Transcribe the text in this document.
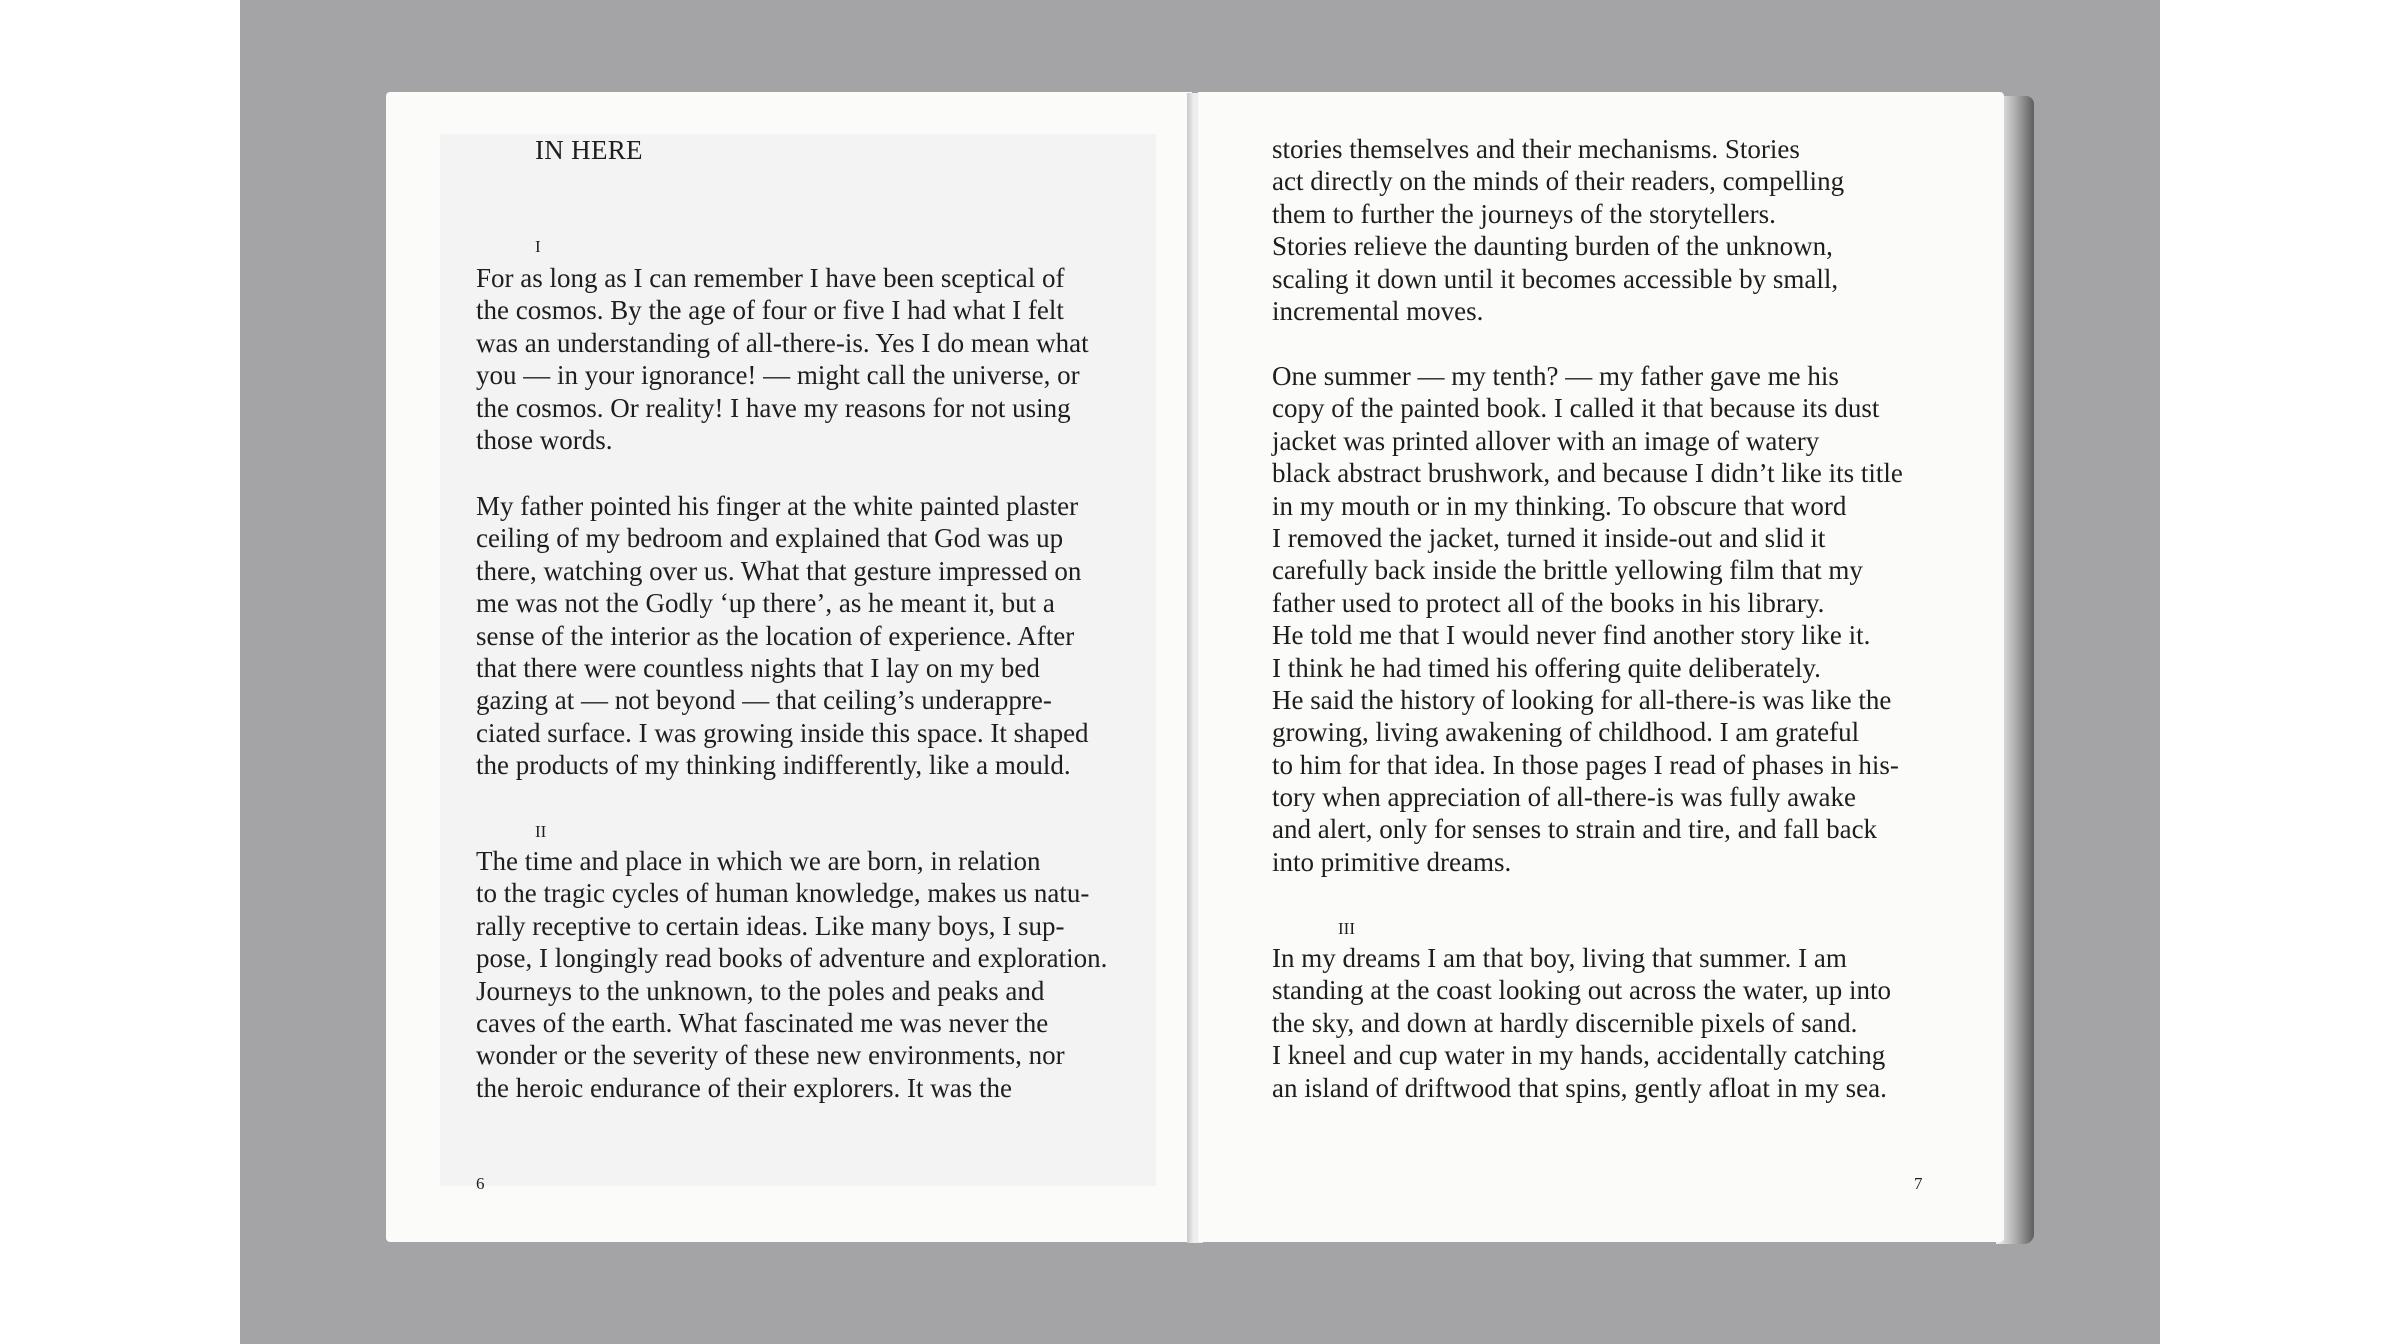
IN HERE
I
For as long as I can remember I have been sceptical of
the cosmos. By the age of four or five I had what I felt
was an understanding of all-there-is. Yes I do mean what
you — in your ignorance! — might call the universe, or
the cosmos. Or reality! I have my reasons for not using
those words.
My father pointed his finger at the white painted plaster
ceiling of my bedroom and explained that God was up
there, watching over us. What that gesture impressed on
me was not the Godly ‘up there’, as he meant it, but a
sense of the interior as the location of experience. After
that there were countless nights that I lay on my bed
gazing at — not beyond — that ceiling’s underappre-
ciated surface. I was growing inside this space. It shaped
the products of my thinking indifferently, like a mould.
II
The time and place in which we are born, in relation
to the tragic cycles of human knowledge, makes us natu-
rally receptive to certain ideas. Like many boys, I sup-
pose, I longingly read books of adventure and exploration.
Journeys to the unknown, to the poles and peaks and
caves of the earth. What fascinated me was never the
wonder or the severity of these new environments, nor
the heroic endurance of their explorers. It was the
6
stories themselves and their mechanisms. Stories
act directly on the minds of their readers, compelling
them to further the journeys of the storytellers.
Stories relieve the daunting burden of the unknown,
scaling it down until it becomes accessible by small,
incremental moves.
One summer — my tenth? — my father gave me his
copy of the painted book. I called it that because its dust
jacket was printed allover with an image of watery
black abstract brushwork, and because I didn’t like its title
in my mouth or in my thinking. To obscure that word
I removed the jacket, turned it inside-out and slid it
carefully back inside the brittle yellowing film that my
father used to protect all of the books in his library.
He told me that I would never find another story like it.
I think he had timed his offering quite deliberately.
He said the history of looking for all-there-is was like the
growing, living awakening of childhood. I am grateful
to him for that idea. In those pages I read of phases in his-
tory when appreciation of all-there-is was fully awake
and alert, only for senses to strain and tire, and fall back
into primitive dreams.
III
In my dreams I am that boy, living that summer. I am
standing at the coast looking out across the water, up into
the sky, and down at hardly discernible pixels of sand.
I kneel and cup water in my hands, accidentally catching
an island of driftwood that spins, gently afloat in my sea.
7
